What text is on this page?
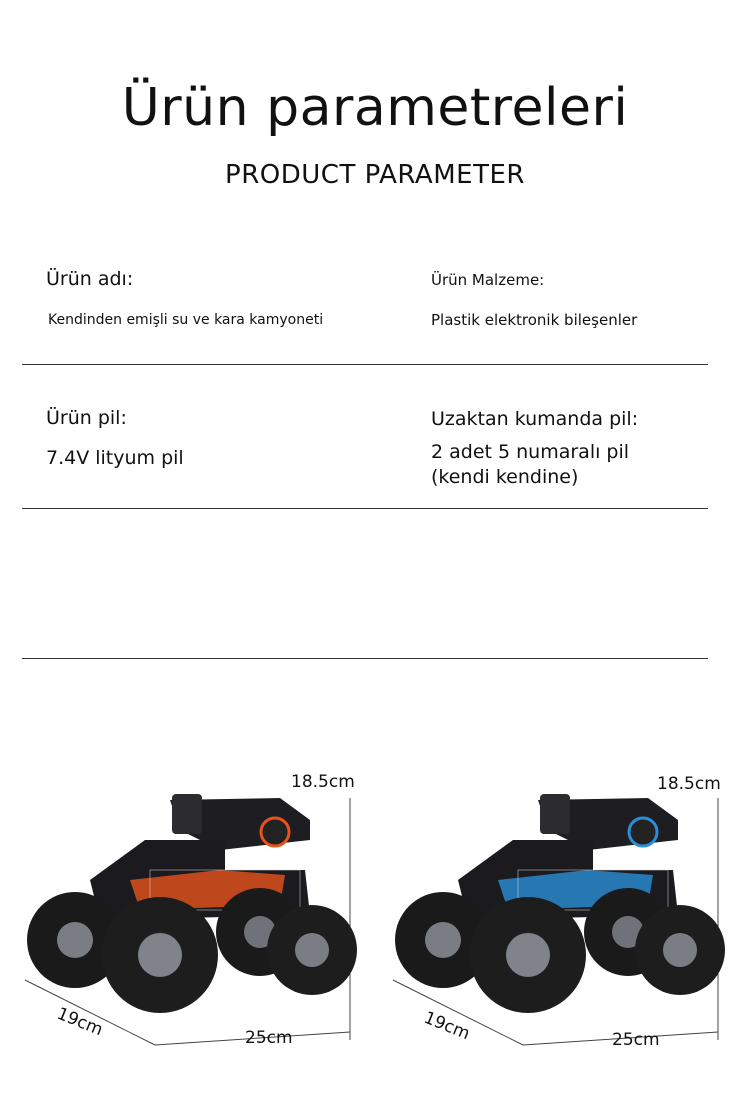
Ürün parametreleri
PRODUCT PARAMETER
Ürün adı:
Kendinden emişli su ve kara kamyoneti
Ürün Malzeme:
Plastik elektronik bileşenler
Ürün pil:
7.4V lityum pil
Uzaktan kumanda pil:
2 adet 5 numaralı pil
(kendi kendine)
18.5cm
19cm	25cm
18.5cm
19cm	25cm
